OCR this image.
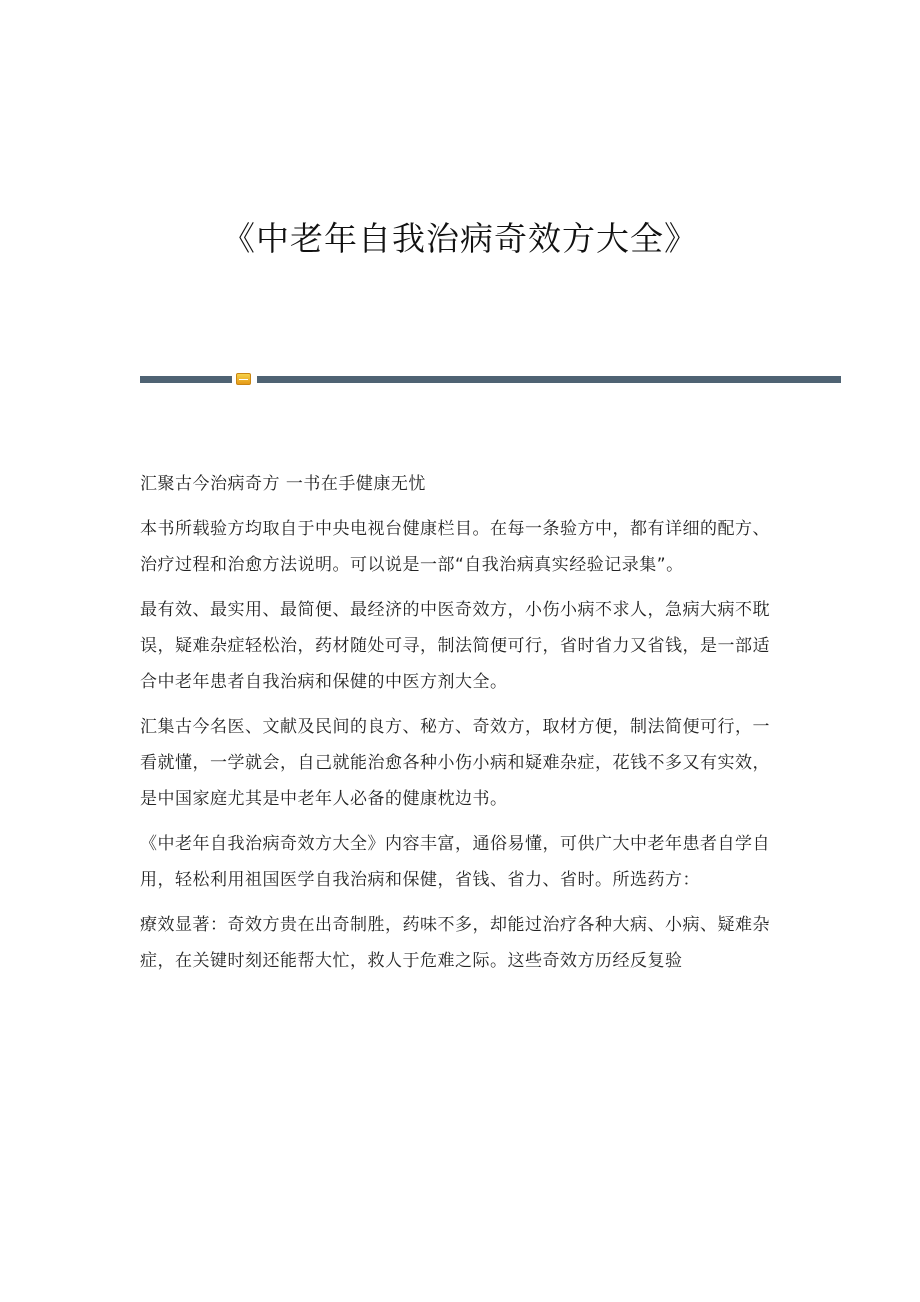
《中老年自我治病奇效方大全》

汇聚古今治病奇方 一书在手健康无忧

本书所载验方均取自于中央电视台健康栏目。在每一条验方中，都有详细的配方、治疗过程和治愈方法说明。可以说是一部“自我治病真实经验记录集”。

最有效、最实用、最简便、最经济的中医奇效方，小伤小病不求人，急病大病不耽误，疑难杂症轻松治，药材随处可寻，制法简便可行，省时省力又省钱，是一部适合中老年患者自我治病和保健的中医方剂大全。

汇集古今名医、文献及民间的良方、秘方、奇效方，取材方便，制法简便可行，一看就懂，一学就会，自己就能治愈各种小伤小病和疑难杂症，花钱不多又有实效，是中国家庭尤其是中老年人必备的健康枕边书。

《中老年自我治病奇效方大全》内容丰富，通俗易懂，可供广大中老年患者自学自用，轻松利用祖国医学自我治病和保健，省钱、省力、省时。所选药方：

療效显著：奇效方贵在出奇制胜，药味不多，却能过治疗各种大病、小病、疑难杂症，在关键时刻还能帮大忙，救人于危难之际。这些奇效方历经反复验
